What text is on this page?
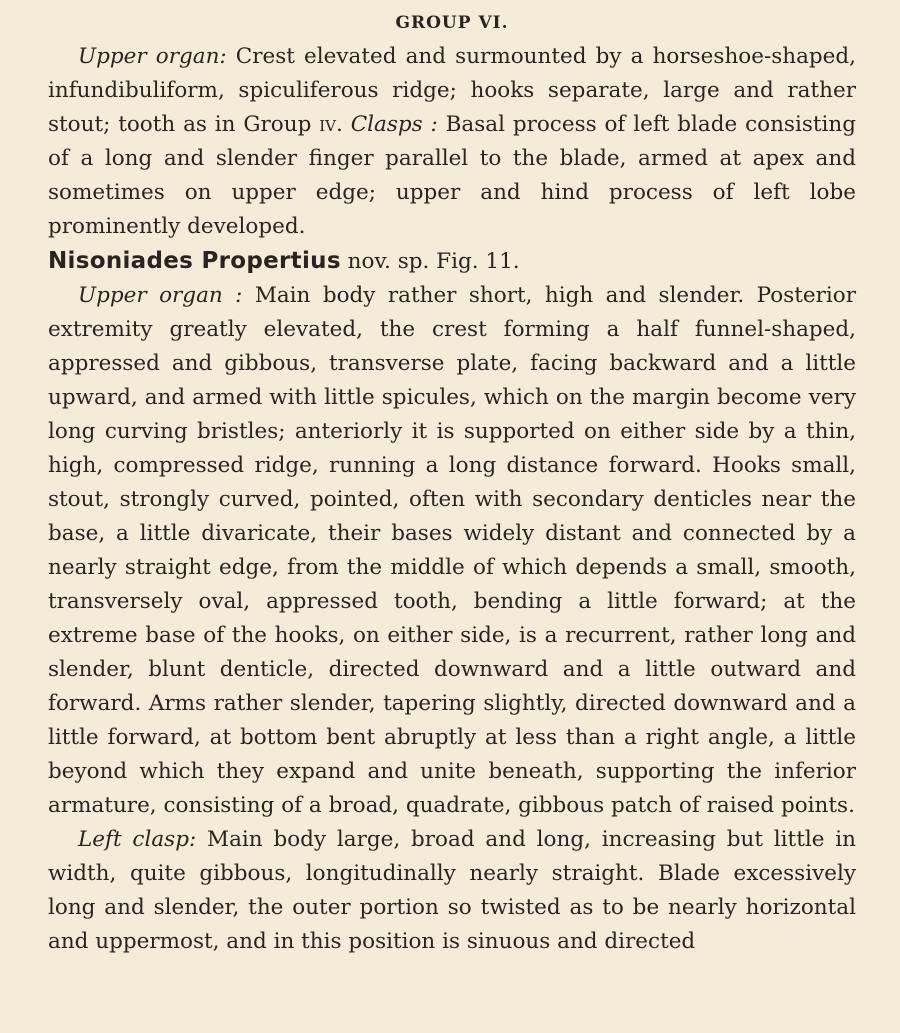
GROUP VI.

Upper organ: Crest elevated and surmounted by a horseshoe-shaped, infundibuliform, spiculiferous ridge; hooks separate, large and rather stout; tooth as in Group iv. Clasps : Basal process of left blade consisting of a long and slender finger parallel to the blade, armed at apex and sometimes on upper edge; upper and hind process of left lobe prominently developed.

Nisoniades Propertius nov. sp. Fig. 11.

Upper organ : Main body rather short, high and slender. Posterior extremity greatly elevated, the crest forming a half funnel-shaped, appressed and gibbous, transverse plate, facing backward and a little upward, and armed with little spicules, which on the margin become very long curving bristles; anteriorly it is supported on either side by a thin, high, compressed ridge, running a long distance forward. Hooks small, stout, strongly curved, pointed, often with secondary denticles near the base, a little divaricate, their bases widely distant and connected by a nearly straight edge, from the middle of which depends a small, smooth, transversely oval, appressed tooth, bending a little forward; at the extreme base of the hooks, on either side, is a recurrent, rather long and slender, blunt denticle, directed downward and a little outward and forward. Arms rather slender, tapering slightly, directed downward and a little forward, at bottom bent abruptly at less than a right angle, a little beyond which they expand and unite beneath, supporting the inferior armature, consisting of a broad, quadrate, gibbous patch of raised points.

Left clasp: Main body large, broad and long, increasing but little in width, quite gibbous, longitudinally nearly straight. Blade excessively long and slender, the outer portion so twisted as to be nearly horizontal and uppermost, and in this position is sinuous and directed
